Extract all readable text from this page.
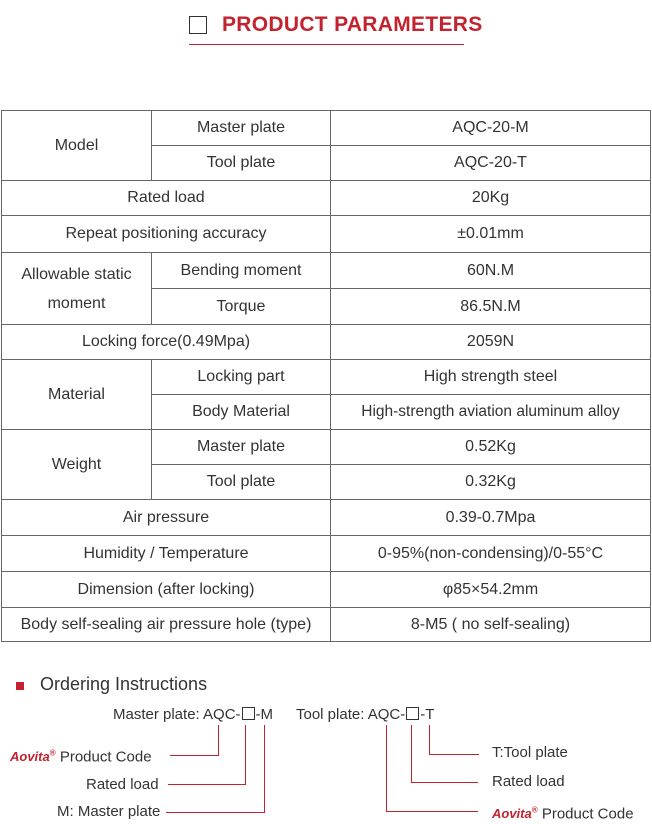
PRODUCT PARAMETERS
Model	Master plate	AQC-20-M
	Tool plate	AQC-20-T
Rated load		20Kg
Repeat positioning accuracy		±0.01mm

Allowable static
moment	Bending moment	60N.M
	Torque	86.5N.M
Locking force(0.49Mpa)		2059N
Material	Locking part	High strength steel
	Body Material	High-strength aviation aluminum alloy
Weight	Master plate	0.52Kg
	Tool plate	0.32Kg
Air pressure		0.39-0.7Mpa
Humidity / Temperature		0-95%(non-condensing)/0-55°C
Dimension (after locking)		φ85×54.2mm
Body self-sealing air pressure hole (type)		8-M5 ( no self-sealing)
Ordering Instructions
Master plate: AQC- -M Tool plate: AQC- -T
Aovita® Product Code
Rated load
M: Master plate
T:Tool plate
Rated load
Aovita® Product Code
